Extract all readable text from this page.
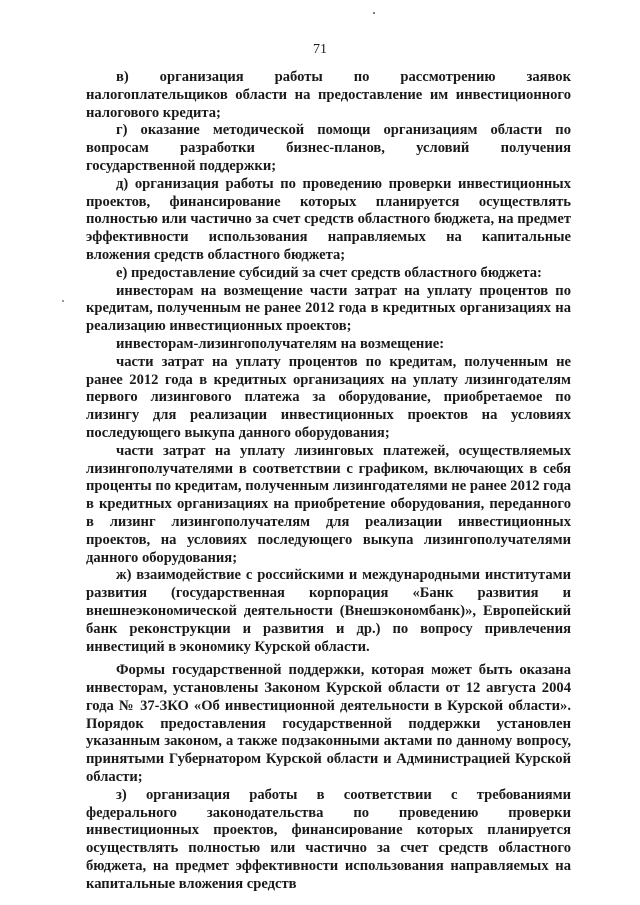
71

в) организация работы по рассмотрению заявок налогоплательщиков области на предоставление им инвестиционного налогового кредита;

г) оказание методической помощи организациям области по вопросам разработки бизнес-планов, условий получения государственной поддержки;

д) организация работы по проведению проверки инвестиционных проектов, финансирование которых планируется осуществлять полностью или частично за счет средств областного бюджета, на предмет эффективности использования направляемых на капитальные вложения средств областного бюджета;

е) предоставление субсидий за счет средств областного бюджета:

инвесторам на возмещение части затрат на уплату процентов по кредитам, полученным не ранее 2012 года в кредитных организациях на реализацию инвестиционных проектов;

инвесторам-лизингополучателям на возмещение:

части затрат на уплату процентов по кредитам, полученным не ранее 2012 года в кредитных организациях на уплату лизингодателям первого лизингового платежа за оборудование, приобретаемое по лизингу для реализации инвестиционных проектов на условиях последующего выкупа данного оборудования;

части затрат на уплату лизинговых платежей, осуществляемых лизингополучателями в соответствии с графиком, включающих в себя проценты по кредитам, полученным лизингодателями не ранее 2012 года в кредитных организациях на приобретение оборудования, переданного в лизинг лизингополучателям для реализации инвестиционных проектов, на условиях последующего выкупа лизингополучателями данного оборудования;

ж) взаимодействие с российскими и международными институтами развития (государственная корпорация «Банк развития и внешнеэкономической деятельности (Внешэкономбанк)», Европейский банк реконструкции и развития и др.) по вопросу привлечения инвестиций в экономику Курской области.

Формы государственной поддержки, которая может быть оказана инвесторам, установлены Законом Курской области от 12 августа 2004 года № 37-ЗКО «Об инвестиционной деятельности в Курской области». Порядок предоставления государственной поддержки установлен указанным законом, а также подзаконными актами по данному вопросу, принятыми Губернатором Курской области и Администрацией Курской области;

з) организация работы в соответствии с требованиями федерального законодательства по проведению проверки инвестиционных проектов, финансирование которых планируется осуществлять полностью или частично за счет средств областного бюджета, на предмет эффективности использования направляемых на капитальные вложения средств
